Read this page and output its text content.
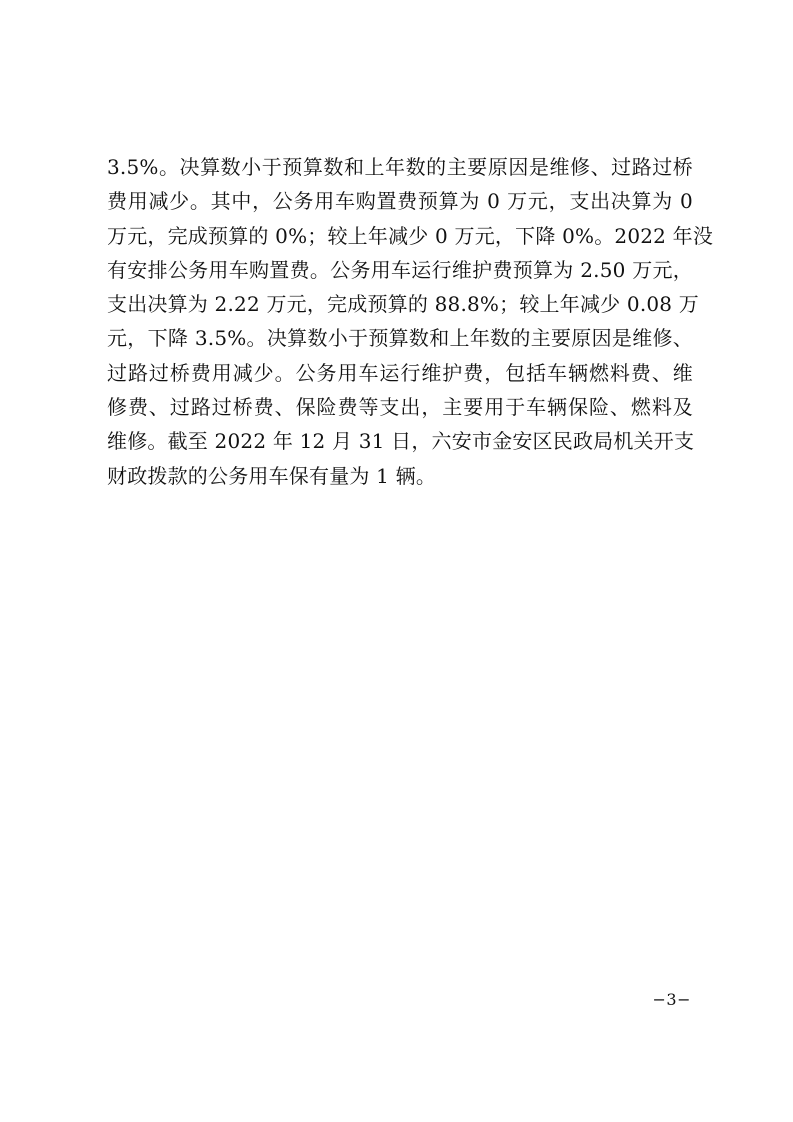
3.5%。决算数小于预算数和上年数的主要原因是维修、过路过桥
费用减少。其中，公务用车购置费预算为 0 万元，支出决算为 0
万元，完成预算的 0%；较上年减少 0 万元，下降 0%。2022 年没
有安排公务用车购置费。公务用车运行维护费预算为 2.50 万元，
支出决算为 2.22 万元，完成预算的 88.8%；较上年减少 0.08 万
元，下降 3.5%。决算数小于预算数和上年数的主要原因是维修、
过路过桥费用减少。公务用车运行维护费，包括车辆燃料费、维
修费、过路过桥费、保险费等支出，主要用于车辆保险、燃料及
维修。截至 2022 年 12 月 31 日，六安市金安区民政局机关开支
财政拨款的公务用车保有量为 1 辆。
−3−
